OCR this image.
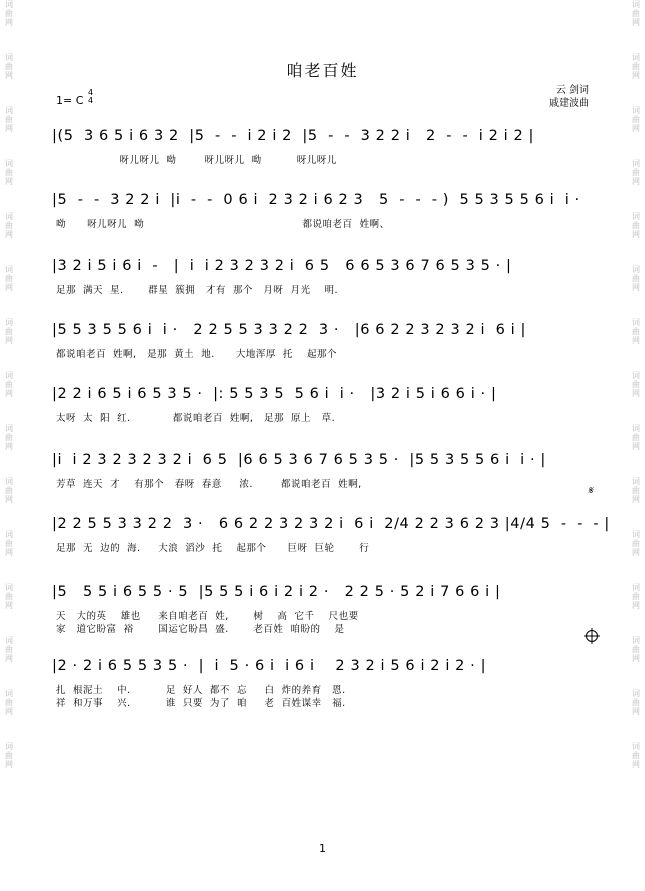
词
曲
网
词
曲
网
词
曲
网
词
曲
网
词
曲
网
词
曲
网
词
曲
网
词
曲
网
词
曲
网
词
曲
网
词
曲
网
词
曲
网
词
曲
网
词
曲
网
词
曲
网
词
曲
网
词
曲
网
词
曲
网
词
曲
网
词
曲
网
词
曲
网
词
曲
网
词
曲
网
词
曲
网
词
曲
网
词
曲
网
词
曲
网
词
曲
网
词
曲
网
词
曲
网
咱老百姓
1= C
4
4
云 剑词
戚建波曲
|(5  3 6 5 i 6 3 2  |5  -  -  i 2 i 2  |5  -  -  3 2 2 i   2  -  -  i 2 i 2 |
呀儿呀儿  呦        呀儿呀儿  呦          呀儿呀儿
|5  -  -  3 2 2 i  |i  -  -  0 6 i  2 3 2 i 6 2 3   5  -  -  - )  5 5 3 5 5 6 i  i ·
呦      呀儿呀儿  呦                                             都说咱老百  姓啊、
|3 2 i 5 i 6 i  -   |  i  i 2 3 2 3 2 i  6 5   6 6 5 3 6 7 6 5 3 5 · |
足那  满天  星.       群星  簇拥   才有  那个   月呀  月光    明.
|5 5 3 5 5 6 i  i ·   2 2 5 5 3 3 2 2  3 ·   |6 6 2 2 3 2 3 2 i  6 i |
都说咱老百  姓啊,   是那  黄土  地.      大地浑厚  托    起那个
|2 2 i 6 5 i 6 5 3 5 ·  |: 5 5 3 5  5 6 i  i ·   |3 2 i 5 i 6 6 i · |
太呀  太  阳  红.            都说咱老百  姓啊,   足那  原上   草.
|i  i 2 3 2 3 2 3 2 i  6 5  |6 6 5 3 6 7 6 5 3 5 ·  |5 5 3 5 5 6 i  i · |
芳草  连天  才    有那个   春呀  春意     浓.        都说咱老百  姓啊,
|2 2 5 5 3 3 2 2  3 ·   6 6 2 2 3 2 3 2 i  6 i  2/4 2 2 3 6 2 3 |4/4 5  -  -  - |
足那  无  边的  海.     大浪  滔沙  托    起那个      巨呀  巨轮       行
|5   5 5 i 6 5 5 · 5  |5 5 5 i 6 i 2 i 2 ·   2 2 5 · 5 2 i 7 6 6 i |
天   大的英    雄也     来自咱老百  姓,       树    高  它千    尺也要
家   道它盼富  裕       国运它盼昌  盛.       老百姓  咱盼的    是
|2 · 2 i 6 5 5 3 5 ·  |  i  5 · 6 i  i 6 i    2 3 2 i 5 6 i 2 i 2 · |
扎  根泥土    中.          足  好人  都不  忘     白  炸的养育   恩.
祥  和万事    兴.          谁  只要  为了  咱     老  百姓谋幸   福.
𝄋
1
